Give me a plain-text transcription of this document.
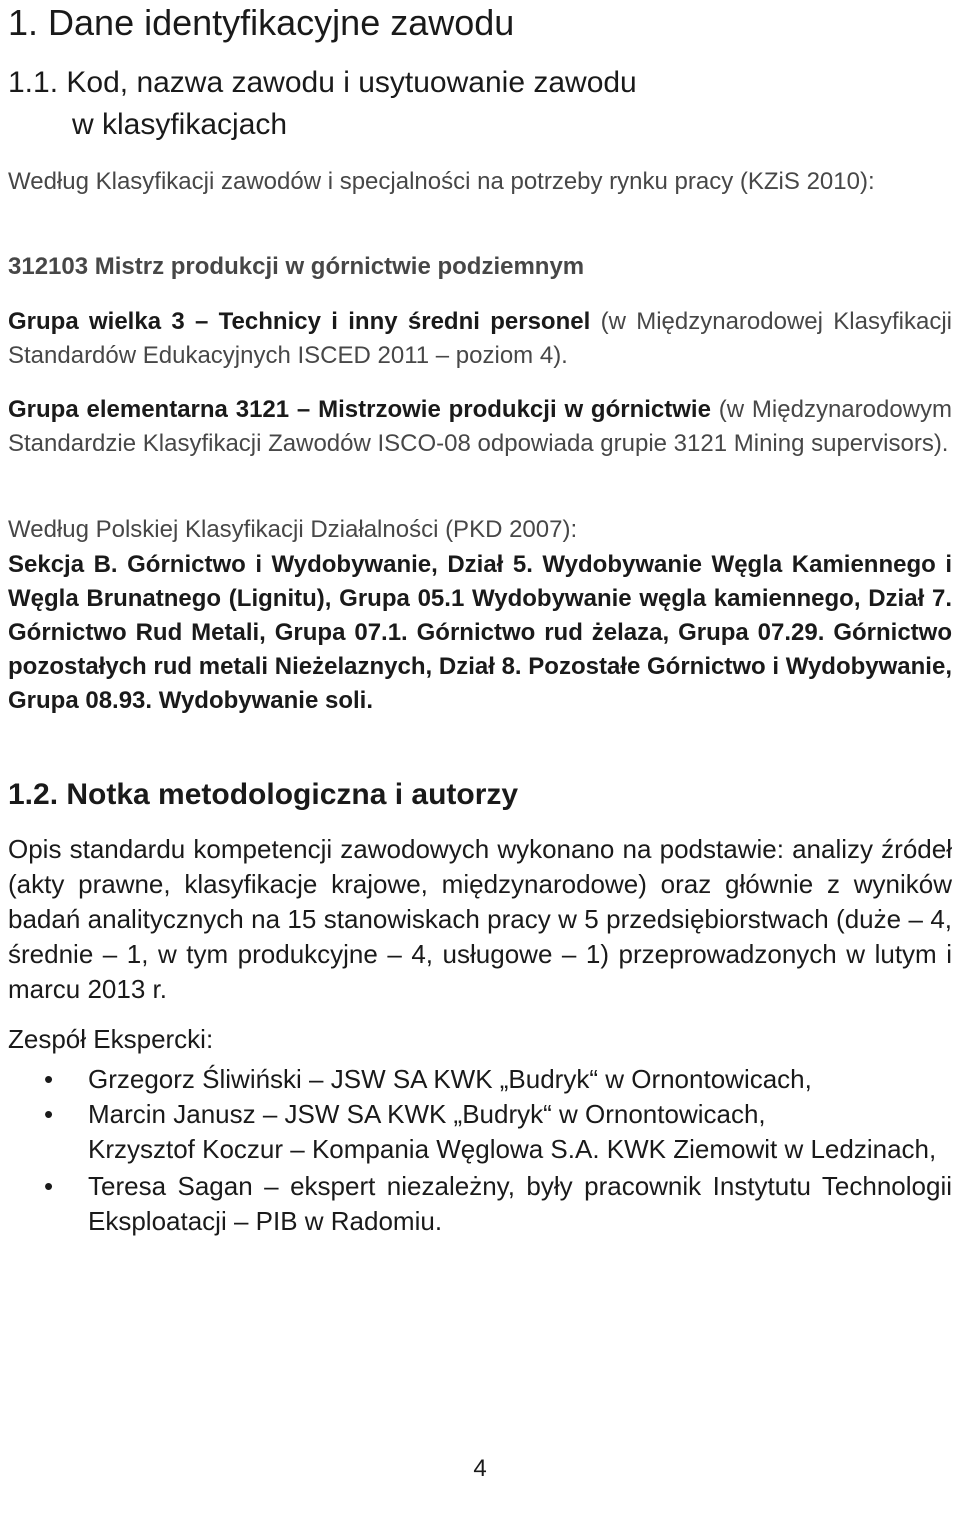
1. Dane identyfikacyjne zawodu
1.1. Kod, nazwa zawodu i usytuowanie zawodu
w klasyfikacjach
Według Klasyfikacji zawodów i specjalności na potrzeby rynku pracy (KZiS 2010):
312103 Mistrz produkcji w górnictwie podziemnym
Grupa wielka 3 – Technicy i inny średni personel (w Międzynarodowej Klasyfikacji Standardów Edukacyjnych ISCED 2011 – poziom 4).
Grupa elementarna 3121 – Mistrzowie produkcji w górnictwie (w Międzynarodowym Standardzie Klasyfikacji Zawodów ISCO-08 odpowiada grupie 3121 Mining supervisors).
Według Polskiej Klasyfikacji Działalności (PKD 2007):
Sekcja B. Górnictwo i Wydobywanie, Dział 5. Wydobywanie Węgla Kamiennego i Węgla Brunatnego (Lignitu), Grupa 05.1 Wydobywanie węgla kamiennego, Dział 7. Górnictwo Rud Metali, Grupa 07.1. Górnictwo rud żelaza, Grupa 07.29. Górnictwo pozostałych rud metali Nieżelaznych, Dział 8. Pozostałe Górnictwo i Wydobywanie, Grupa 08.93. Wydobywanie soli.
1.2. Notka metodologiczna i autorzy
Opis standardu kompetencji zawodowych wykonano na podstawie: analizy źródeł (akty prawne, klasyfikacje krajowe, międzynarodowe) oraz głównie z wyników badań analitycznych na 15 stanowiskach pracy w 5 przedsiębiorstwach (duże – 4, średnie – 1, w tym produkcyjne – 4, usługowe – 1) przeprowadzonych w lutym i marcu 2013 r.
Zespół Ekspercki:
• Grzegorz Śliwiński – JSW SA KWK „Budryk“ w Ornontowicach,
• Marcin Janusz – JSW SA KWK „Budryk“ w Ornontowicach,
Krzysztof Koczur – Kompania Węglowa S.A. KWK Ziemowit w Ledzinach,
• Teresa Sagan – ekspert niezależny, były pracownik Instytutu Technologii Eksploatacji – PIB w Radomiu.
4
